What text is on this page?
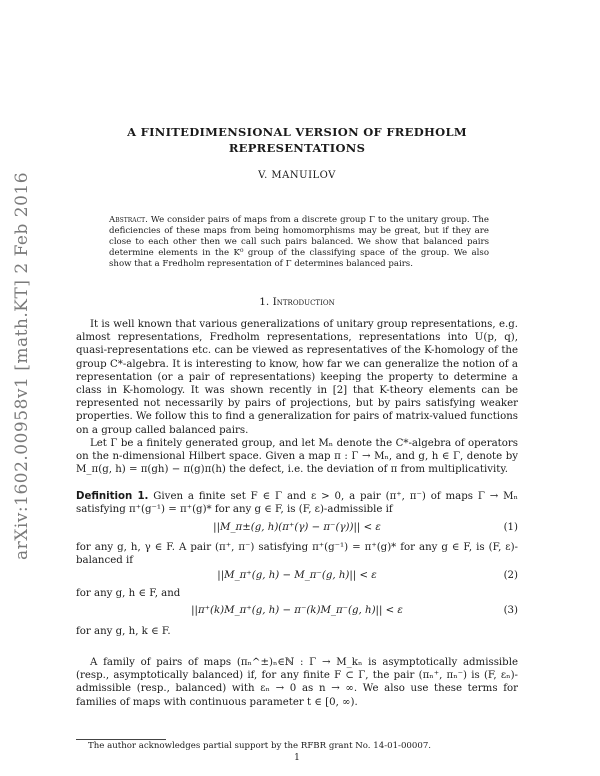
arXiv:1602.00958v1 [math.KT] 2 Feb 2016
A FINITEDIMENSIONAL VERSION OF FREDHOLM
REPRESENTATIONS
V. MANUILOV
Abstract. We consider pairs of maps from a discrete group Γ to the unitary group. The deficiencies of these maps from being homomorphisms may be great, but if they are close to each other then we call such pairs balanced. We show that balanced pairs determine elements in the K⁰ group of the classifying space of the group. We also show that a Fredholm representation of Γ determines balanced pairs.
1. Introduction
It is well known that various generalizations of unitary group representations, e.g. almost representations, Fredholm representations, representations into U(p, q), quasi-representations etc. can be viewed as representatives of the K-homology of the group C*-algebra. It is interesting to know, how far we can generalize the notion of a representation (or a pair of representations) keeping the property to determine a class in K-homology. It was shown recently in [2] that K-theory elements can be represented not necessarily by pairs of projections, but by pairs satisfying weaker properties. We follow this to find a generalization for pairs of matrix-valued functions on a group called balanced pairs.
Let Γ be a finitely generated group, and let Mₙ denote the C*-algebra of operators on the n-dimensional Hilbert space. Given a map π : Γ → Mₙ, and g, h ∈ Γ, denote by M_π(g, h) = π(gh) − π(g)π(h) the defect, i.e. the deviation of π from multiplicativity.
Definition 1. Given a finite set F ∈ Γ and ε > 0, a pair (π⁺, π⁻) of maps Γ → Mₙ satisfying π⁺(g⁻¹) = π⁺(g)* for any g ∈ F, is (F, ε)-admissible if
||M_π±(g, h)(π⁺(γ) − π⁻(γ))|| < ε	(1)
for any g, h, γ ∈ F. A pair (π⁺, π⁻) satisfying π⁺(g⁻¹) = π⁺(g)* for any g ∈ F, is (F, ε)-balanced if
||M_π⁺(g, h) − M_π⁻(g, h)|| < ε	(2)
for any g, h ∈ F, and
||π⁺(k)M_π⁺(g, h) − π⁻(k)M_π⁻(g, h)|| < ε	(3)
for any g, h, k ∈ F.
A family of pairs of maps (πₙ^±)ₙ∈ℕ : Γ → M_kₙ is asymptotically admissible (resp., asymptotically balanced) if, for any finite F ⊂ Γ, the pair (πₙ⁺, πₙ⁻) is (F, εₙ)-admissible (resp., balanced) with εₙ → 0 as n → ∞. We also use these terms for families of maps with continuous parameter t ∈ [0, ∞).
The author acknowledges partial support by the RFBR grant No. 14-01-00007.
1
